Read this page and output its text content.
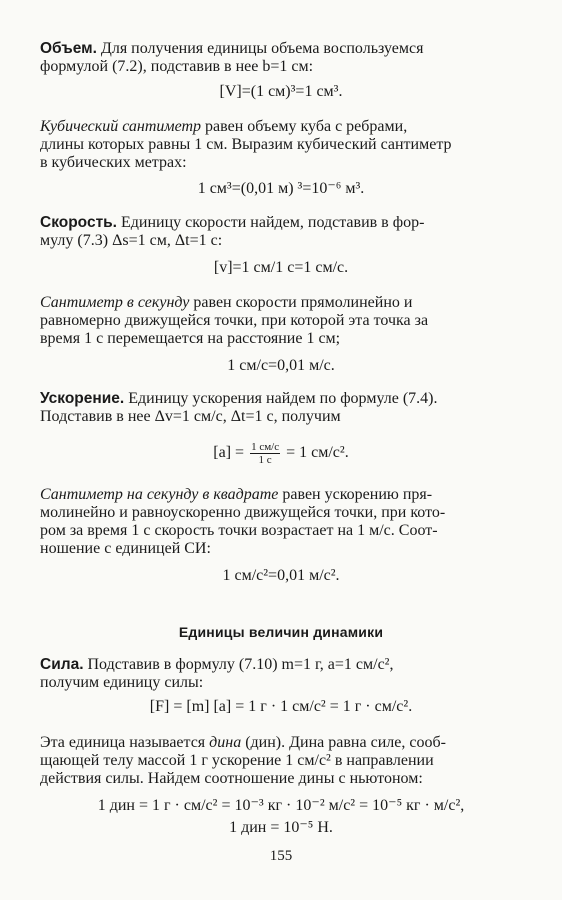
Объем. Для получения единицы объема воспользуемся
формулой (7.2), подставив в нее b=1 см:

[V]=(1 см)³=1 см³.

Кубический сантиметр равен объему куба с ребрами,
длины которых равны 1 см. Выразим кубический сантиметр
в кубических метрах:

1 см³=(0,01 м) ³=10⁻⁶ м³.

Скорость. Единицу скорости найдем, подставив в фор-
мулу (7.3) Δs=1 см, Δt=1 с:

[v]=1 см/1 с=1 см/с.

Сантиметр в секунду равен скорости прямолинейно и
равномерно движущейся точки, при которой эта точка за
время 1 с перемещается на расстояние 1 см;

1 см/с=0,01 м/с.

Ускорение. Единицу ускорения найдем по формуле (7.4).
Подставив в нее Δv=1 см/с, Δt=1 с, получим

$[a] = \frac{1 см/с}{1 с} = 1$ см/с².

Сантиметр на секунду в квадрате равен ускорению пря-
молинейно и равноускоренно движущейся точки, при кото-
ром за время 1 с скорость точки возрастает на 1 м/с. Соот-
ношение с единицей СИ:

1 см/с²=0,01 м/с².
Единицы величин динамики

Сила. Подставив в формулу (7.10) m=1 г, a=1 см/с²,
получим единицу силы:

[F] = [m] [a] = 1 г · 1 см/с² = 1 г · см/с².

Эта единица называется дина (дин). Дина равна силе, сооб-
щающей телу массой 1 г ускорение 1 см/с² в направлении
действия силы. Найдем соотношение дины с ньютоном:

1 дин = 1 г · см/с² = 10⁻³ кг · 10⁻² м/с² = 10⁻⁵ кг · м/с²,
1 дин = 10⁻⁵ Н.
155
